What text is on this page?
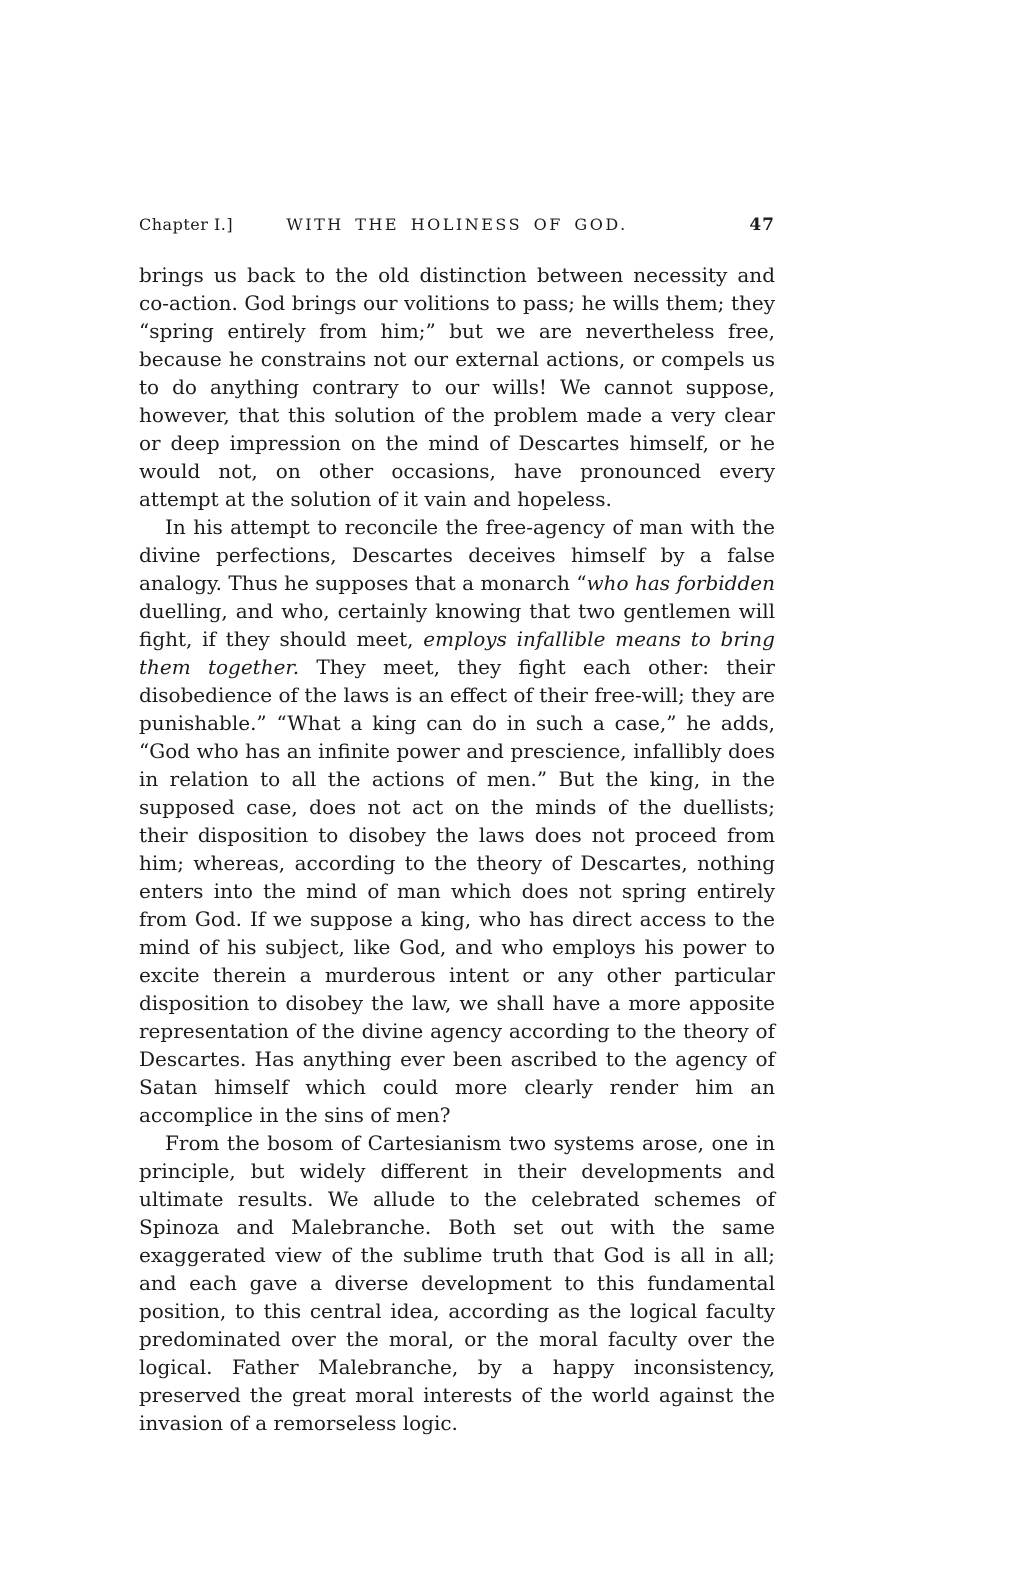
Chapter I.]	WITH THE HOLINESS OF GOD.	47

brings us back to the old distinction between necessity and co-action. God brings our volitions to pass; he wills them; they “spring entirely from him;” but we are nevertheless free, because he constrains not our external actions, or compels us to do anything contrary to our wills! We cannot suppose, however, that this solution of the problem made a very clear or deep impression on the mind of Descartes himself, or he would not, on other occasions, have pronounced every attempt at the solution of it vain and hopeless.

In his attempt to reconcile the free-agency of man with the divine perfections, Descartes deceives himself by a false analogy. Thus he supposes that a monarch “who has forbidden duelling, and who, certainly knowing that two gentlemen will fight, if they should meet, employs infallible means to bring them together. They meet, they fight each other: their disobedience of the laws is an effect of their free-will; they are punishable.” “What a king can do in such a case,” he adds, “God who has an infinite power and prescience, infallibly does in relation to all the actions of men.” But the king, in the supposed case, does not act on the minds of the duellists; their disposition to disobey the laws does not proceed from him; whereas, according to the theory of Descartes, nothing enters into the mind of man which does not spring entirely from God. If we suppose a king, who has direct access to the mind of his subject, like God, and who employs his power to excite therein a murderous intent or any other particular disposition to disobey the law, we shall have a more apposite representation of the divine agency according to the theory of Descartes. Has anything ever been ascribed to the agency of Satan himself which could more clearly render him an accomplice in the sins of men?

From the bosom of Cartesianism two systems arose, one in principle, but widely different in their developments and ultimate results. We allude to the celebrated schemes of Spinoza and Malebranche. Both set out with the same exaggerated view of the sublime truth that God is all in all; and each gave a diverse development to this fundamental position, to this central idea, according as the logical faculty predominated over the moral, or the moral faculty over the logical. Father Malebranche, by a happy inconsistency, preserved the great moral interests of the world against the invasion of a remorseless logic.
